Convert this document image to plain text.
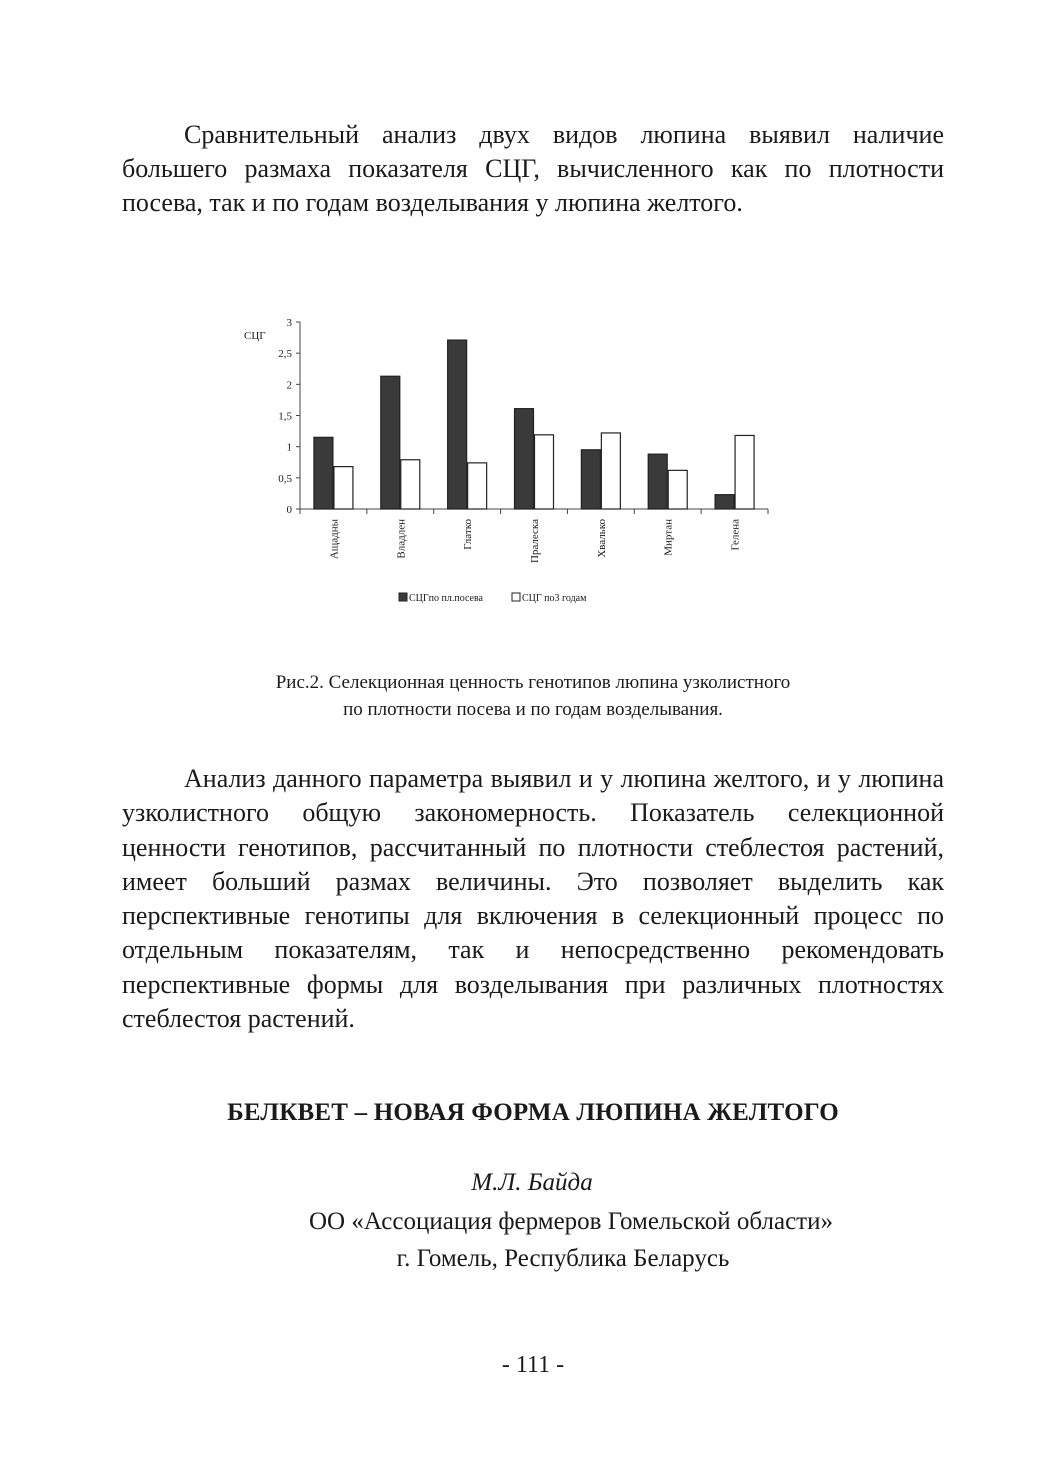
Сравнительный анализ двух видов люпина выявил наличие большего размаха показателя СЦГ, вычисленного как по плотности посева, так и по годам возделывания у люпина желтого.

0
0,5
1
1,5
2
2,5
3
СЦГ
Ащадны	Владлен	Глатко	Пралеска	Хвалько	Миртан	Гелена
СЦГпо пл.посева	СЦГ по3 годам
Рис.2. Селекционная ценность генотипов люпина узколистного
по плотности посева и по годам возделывания.

Анализ данного параметра выявил и у люпина желтого, и у люпина узколистного общую закономерность. Показатель селекционной ценности генотипов, рассчитанный по плотности стеблестоя растений, имеет больший размах величины. Это позволяет выделить как перспективные генотипы для включения в селекционный процесс по отдельным показателям, так и непосредственно рекомендовать перспективные формы для возделывания при различных плотностях стеблестоя растений.

БЕЛКВЕТ – НОВАЯ ФОРМА ЛЮПИНА ЖЕЛТОГО
М.Л. Байда
ОО «Ассоциация фермеров Гомельской области»
г. Гомель, Республика Беларусь
- 111 -
